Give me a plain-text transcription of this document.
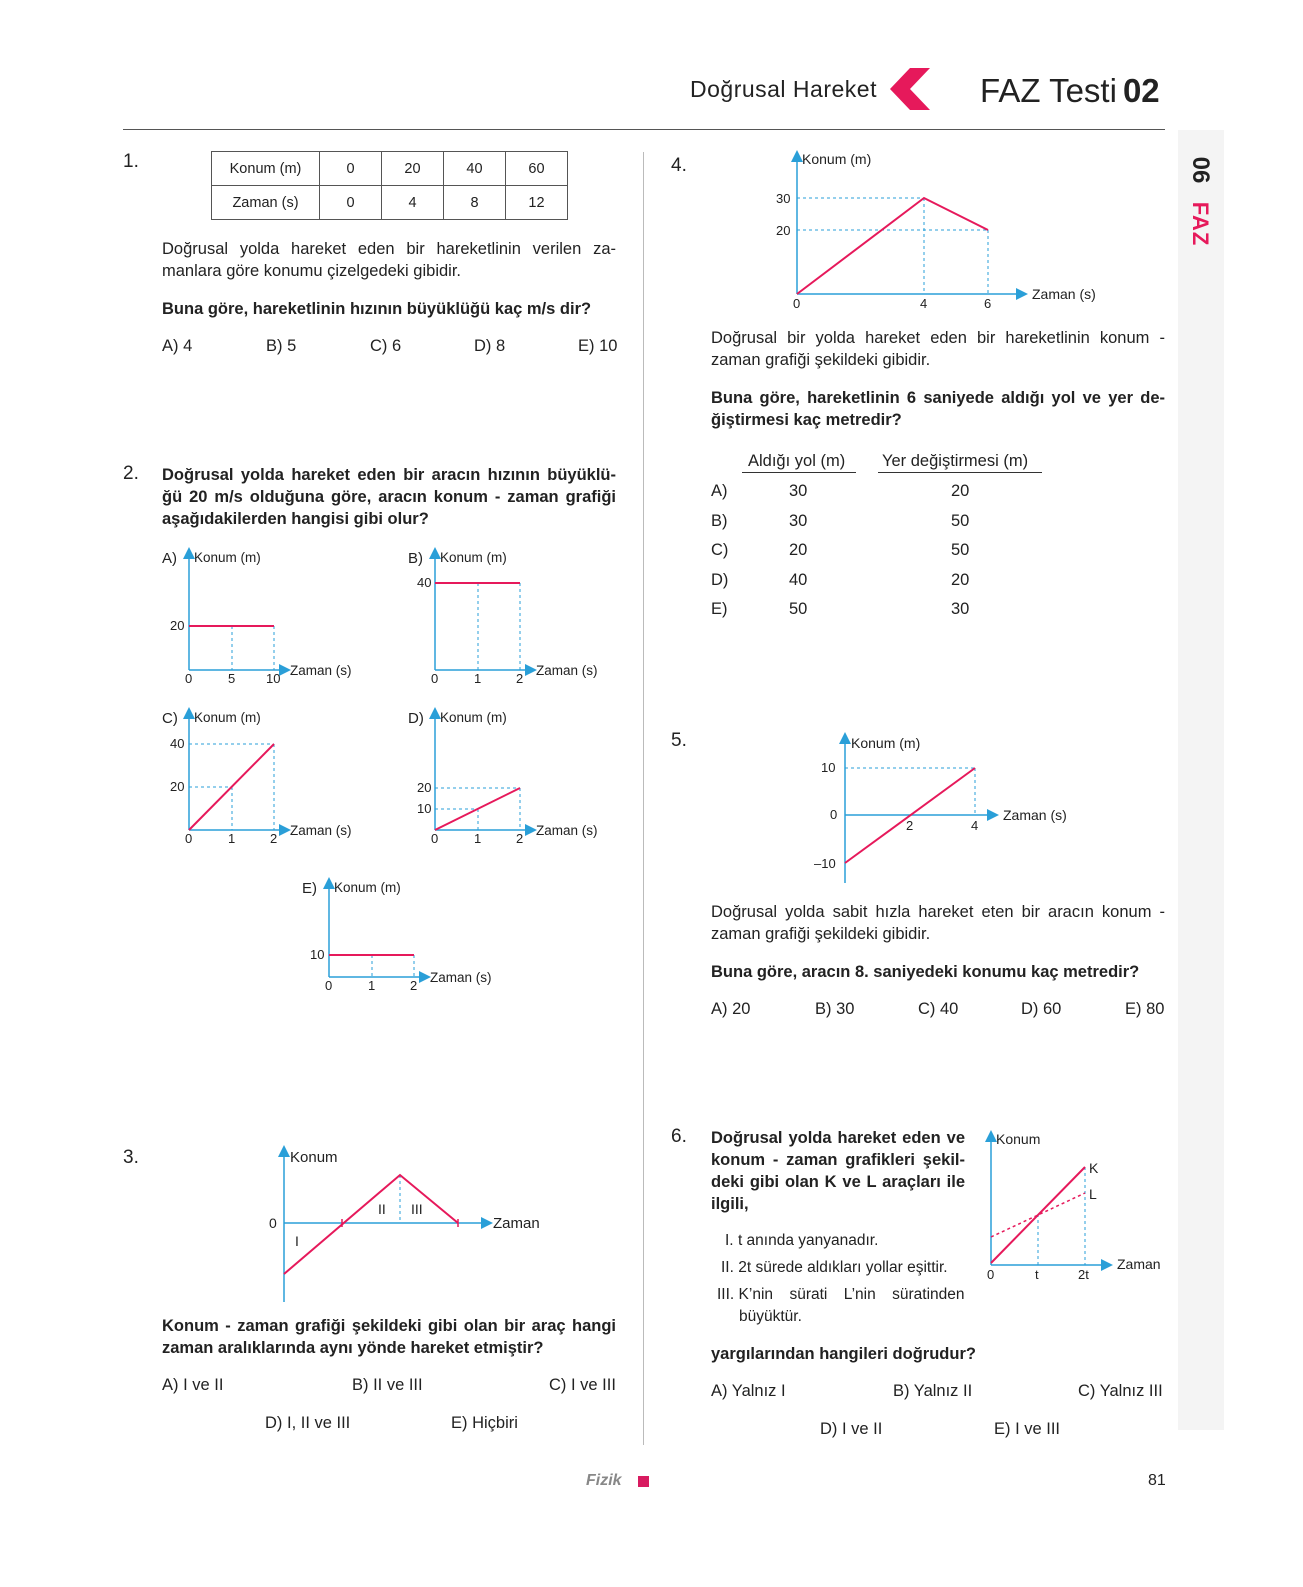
Doğrusal Hareket	FAZ Testi 02
06
FAZ
1.	Konum (m)	0	20	40	60
Zaman (s)	0	4	8	12
Doğrusal yolda hareket eden bir hareketlinin verilen za-
manlara göre konumu çizelgedeki gibidir.
Buna göre, hareketlinin hızının büyüklüğü kaç m/s dir?
A) 4	B) 5	C) 6	D) 8	E) 10
2. Doğrusal yolda hareket eden bir aracın hızının büyüklü-
ğü 20 m/s olduğuna göre, aracın konum - zaman grafiği
aşağıdakilerden hangisi gibi olur?
A) Konum (m)
Zaman (s)
20
0	5 10
B) Konum (m)
Zaman (s)
40
0	1	2
C) Konum (m)
Zaman (s)
40
20
0	1	2
D) Konum (m)
Zaman (s)
20
10
0	1	2
E) Konum (m)
Zaman (s)
10
0	1	2
3.	Konum
Zaman
0
I
II III
Konum - zaman grafiği şekildeki gibi olan bir araç hangi
zaman aralıklarında aynı yönde hareket etmiştir?
A) I ve II	B) II ve III	C) I ve III
D) I, II ve III	E) Hiçbiri
4.	Konum (m)
Zaman (s)
30
20
0	4	6
Doğrusal bir yolda hareket eden bir hareketlinin konum -
zaman grafiği şekildeki gibidir.
Buna göre, hareketlinin 6 saniyede aldığı yol ve yer de-
ğiştirmesi kaç metredir?
Aldığı yol (m) Yer değiştirmesi (m)
A)	30	20
B)	30	50
C)	20	50
D)	40	20
E)	50	30
5.	Konum (m)
Zaman (s)
10
0
–10
2	4
Doğrusal yolda sabit hızla hareket eten bir aracın konum -
zaman grafiği şekildeki gibidir.
Buna göre, aracın 8. saniyedeki konumu kaç metredir?
A) 20	B) 30	C) 40	D) 60	E) 80
6. Doğrusal yolda hareket eden ve
konum - zaman grafikleri şekil-
deki gibi olan K ve L araçları ile
ilgili,
I. t anında yanyanadır.
II. 2t sürede aldıkları yollar eşittir.
III. K’nin sürati L’nin süratinden
büyüktür.
Konum
Zaman
K
L
0	t	2t
yargılarından hangileri doğrudur?
A) Yalnız I	B) Yalnız II	C) Yalnız III
D) I ve II	E) I ve III
Fizik	81
